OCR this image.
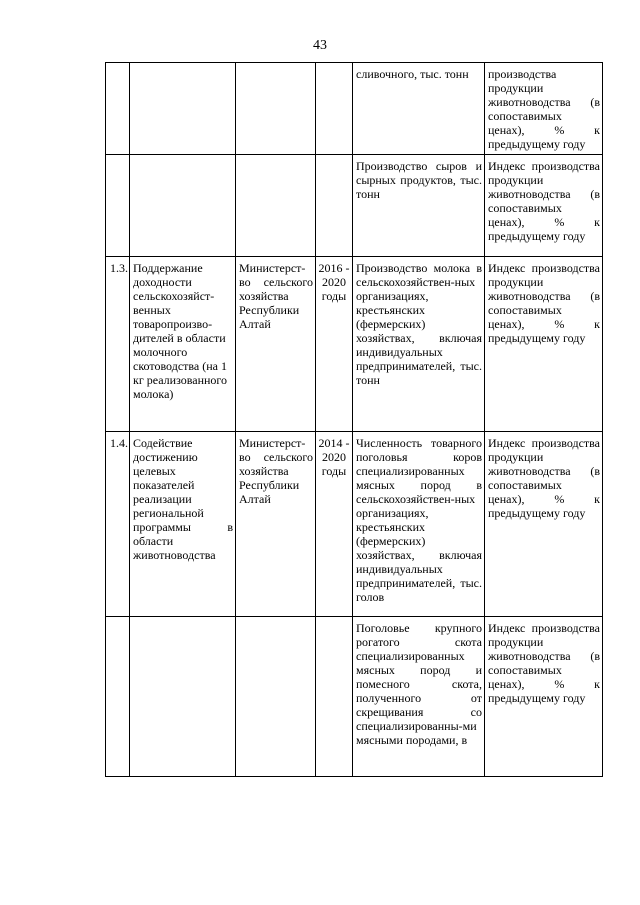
43
				сливочного, тыс. тонн	производства продукции животноводства (в сопоставимых ценах), % к предыдущему году
				Производство сыров и сырных продуктов, тыс. тонн	Индекс производства продукции животноводства (в сопоставимых ценах), % к предыдущему году
1.3.	Поддержание доходности сельскохозяйст-венных товаропроизво-дителей в области молочного скотоводства (на 1 кг реализованного молока)	Министерст-во сельского хозяйства Республики Алтай	2016 - 2020 годы	Производство молока в сельскохозяйствен-ных организациях, крестьянских (фермерских) хозяйствах, включая индивидуальных предпринимателей, тыс. тонн	Индекс производства продукции животноводства (в сопоставимых ценах), % к предыдущему году
1.4.	Содействие достижению целевых показателей реализации региональной программы в области животноводства	Министерст-во сельского хозяйства Республики Алтай	2014 - 2020 годы	Численность товарного поголовья коров специализированных мясных пород в сельскохозяйствен-ных организациях, крестьянских (фермерских) хозяйствах, включая индивидуальных предпринимателей, тыс. голов	Индекс производства продукции животноводства (в сопоставимых ценах), % к предыдущему году
				Поголовье крупного рогатого скота специализированных мясных пород и помесного скота, полученного от скрещивания со специализированны-ми мясными породами, в	Индекс производства продукции животноводства (в сопоставимых ценах), % к предыдущему году
